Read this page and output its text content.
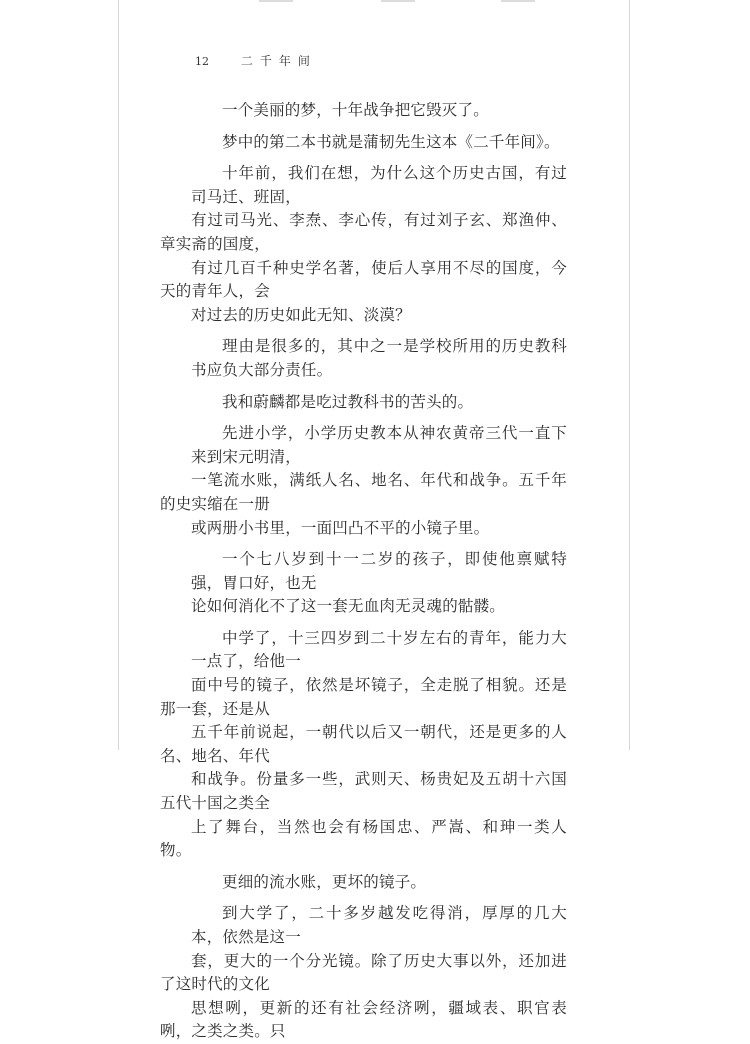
12	二千年间

一个美丽的梦，十年战争把它毁灭了。

梦中的第二本书就是蒲韧先生这本《二千年间》。

十年前，我们在想，为什么这个历史古国，有过司马迁、班固，
有过司马光、李焘、李心传，有过刘子玄、郑渔仲、章实斋的国度，
有过几百千种史学名著，使后人享用不尽的国度，今天的青年人，会
对过去的历史如此无知、淡漠？

理由是很多的，其中之一是学校所用的历史教科书应负大部分责任。

我和蔚麟都是吃过教科书的苦头的。

先进小学，小学历史教本从神农黄帝三代一直下来到宋元明清，
一笔流水账，满纸人名、地名、年代和战争。五千年的史实缩在一册
或两册小书里，一面凹凸不平的小镜子里。

一个七八岁到十一二岁的孩子，即使他禀赋特强，胃口好，也无
论如何消化不了这一套无血肉无灵魂的骷髅。

中学了，十三四岁到二十岁左右的青年，能力大一点了，给他一
面中号的镜子，依然是坏镜子，全走脱了相貌。还是那一套，还是从
五千年前说起，一朝代以后又一朝代，还是更多的人名、地名、年代
和战争。份量多一些，武则天、杨贵妃及五胡十六国五代十国之类全
上了舞台，当然也会有杨国忠、严嵩、和珅一类人物。

更细的流水账，更坏的镜子。

到大学了，二十多岁越发吃得消，厚厚的几大本，依然是这一
套，更大的一个分光镜。除了历史大事以外，还加进了这时代的文化
思想咧，更新的还有社会经济咧，疆域表、职官表咧，之类之类。只
